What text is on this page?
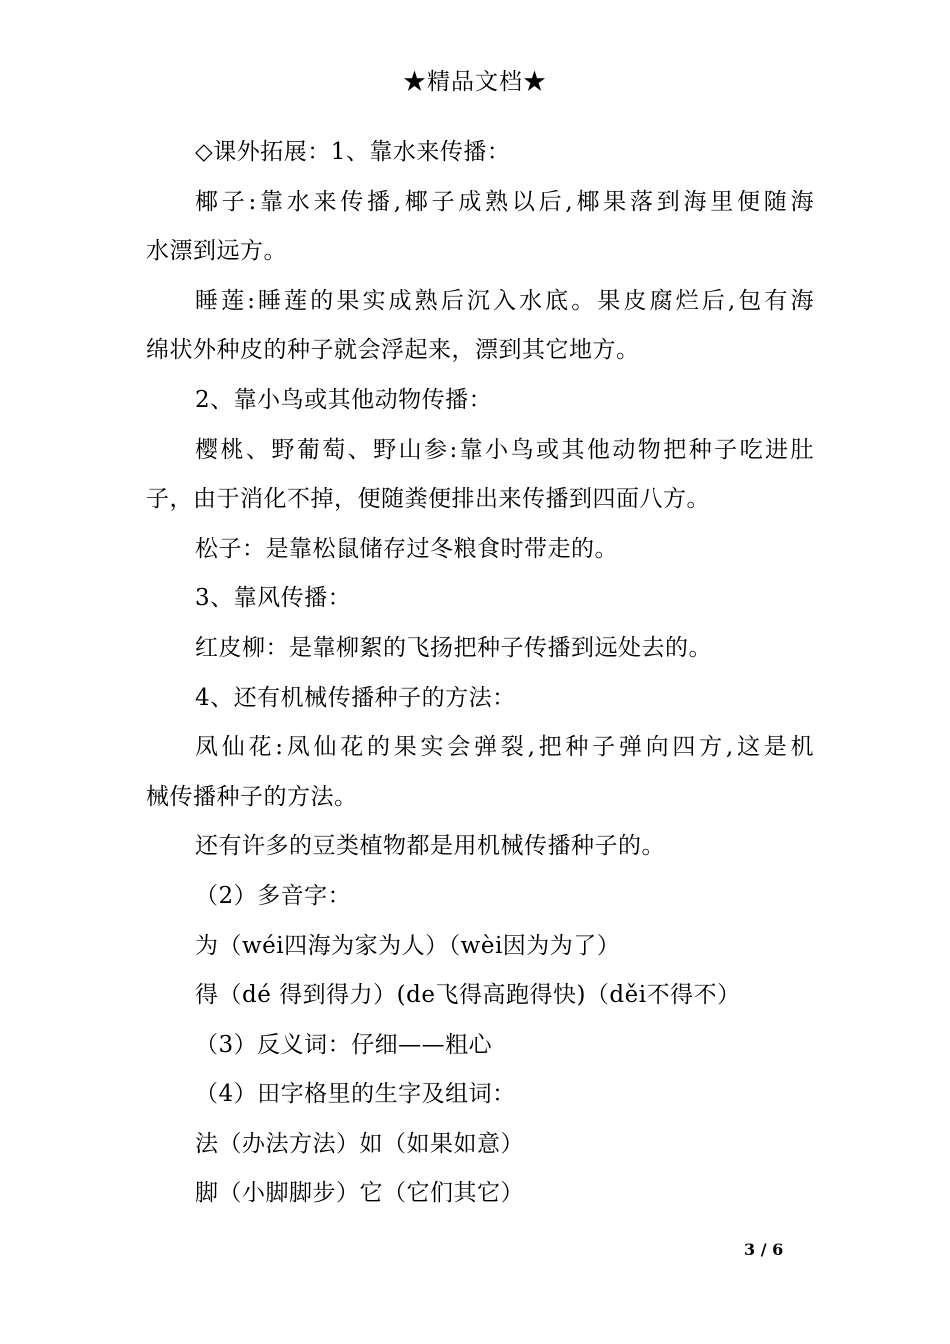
★精品文档★
◇课外拓展：1、靠水来传播：
椰子:靠水来传播,椰子成熟以后,椰果落到海里便随海
水漂到远方。
睡莲:睡莲的果实成熟后沉入水底。果皮腐烂后,包有海
绵状外种皮的种子就会浮起来，漂到其它地方。
2、靠小鸟或其他动物传播：
樱桃、野葡萄、野山参:靠小鸟或其他动物把种子吃进肚
子，由于消化不掉，便随粪便排出来传播到四面八方。
松子：是靠松鼠储存过冬粮食时带走的。
3、靠风传播：
红皮柳：是靠柳絮的飞扬把种子传播到远处去的。
4、还有机械传播种子的方法：
凤仙花:凤仙花的果实会弹裂,把种子弹向四方,这是机
械传播种子的方法。
还有许多的豆类植物都是用机械传播种子的。
（2）多音字：
为（wéi四海为家为人）（wèi因为为了）
得（dé 得到得力）(de飞得高跑得快)（děi不得不）
（3）反义词：仔细——粗心
（4）田字格里的生字及组词：
法（办法方法）如（如果如意）
脚（小脚脚步）它（它们其它）
3 / 6
